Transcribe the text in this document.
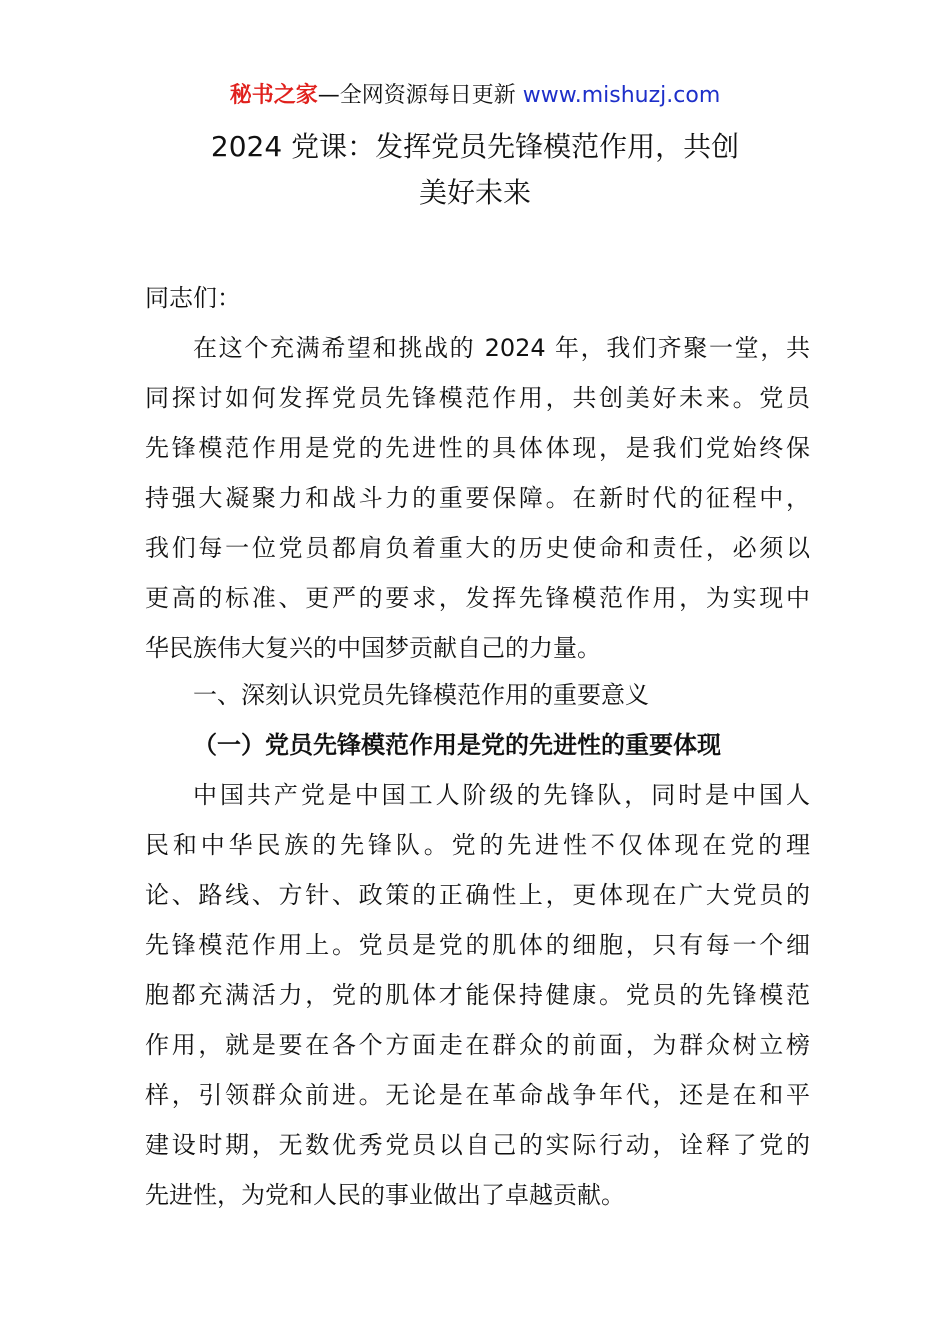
秘书之家—全网资源每日更新 www.mishuzj.com
2024 党课：发挥党员先锋模范作用，共创
美好未来
同志们：
在这个充满希望和挑战的 2024 年，我们齐聚一堂，共
同探讨如何发挥党员先锋模范作用，共创美好未来。党员
先锋模范作用是党的先进性的具体体现，是我们党始终保
持强大凝聚力和战斗力的重要保障。在新时代的征程中，
我们每一位党员都肩负着重大的历史使命和责任，必须以
更高的标准、更严的要求，发挥先锋模范作用，为实现中
华民族伟大复兴的中国梦贡献自己的力量。
一、深刻认识党员先锋模范作用的重要意义
（一）党员先锋模范作用是党的先进性的重要体现
中国共产党是中国工人阶级的先锋队，同时是中国人
民和中华民族的先锋队。党的先进性不仅体现在党的理
论、路线、方针、政策的正确性上，更体现在广大党员的
先锋模范作用上。党员是党的肌体的细胞，只有每一个细
胞都充满活力，党的肌体才能保持健康。党员的先锋模范
作用，就是要在各个方面走在群众的前面，为群众树立榜
样，引领群众前进。无论是在革命战争年代，还是在和平
建设时期，无数优秀党员以自己的实际行动，诠释了党的
先进性，为党和人民的事业做出了卓越贡献。
